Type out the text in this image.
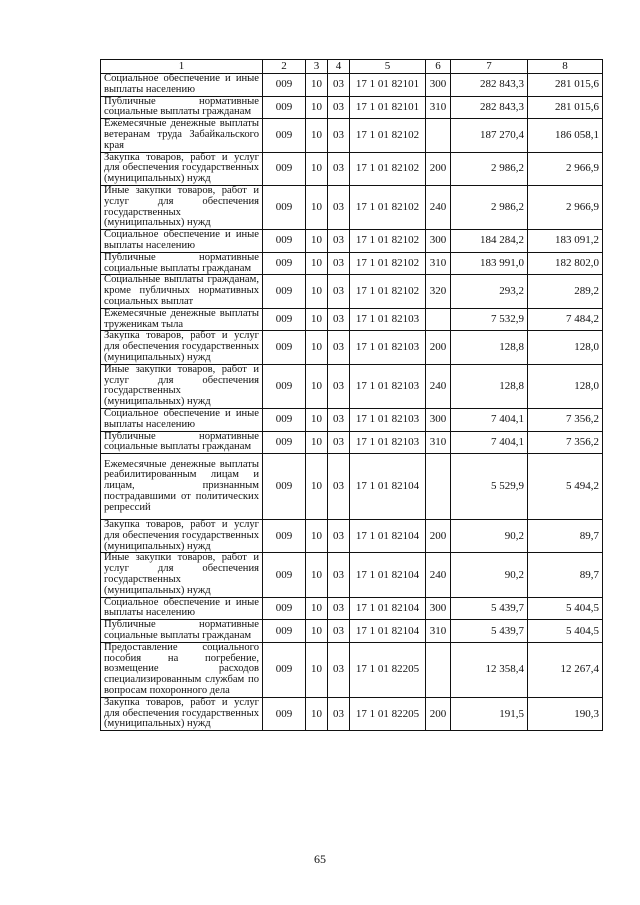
1	2	3	4	5	6	7	8
Социальное обеспечение и иные выплаты населению	009	10	03	17 1 01 82101	300	282 843,3	281 015,6
Публичные нормативные социальные выплаты гражданам	009	10	03	17 1 01 82101	310	282 843,3	281 015,6
Ежемесячные денежные выплаты ветеранам труда Забайкальского края	009	10	03	17 1 01 82102		187 270,4	186 058,1
Закупка товаров, работ и услуг для обеспечения государственных (муниципальных) нужд	009	10	03	17 1 01 82102	200	2 986,2	2 966,9
Иные закупки товаров, работ и услуг для обеспечения государственных (муниципальных) нужд	009	10	03	17 1 01 82102	240	2 986,2	2 966,9
Социальное обеспечение и иные выплаты населению	009	10	03	17 1 01 82102	300	184 284,2	183 091,2
Публичные нормативные социальные выплаты гражданам	009	10	03	17 1 01 82102	310	183 991,0	182 802,0
Социальные выплаты гражданам, кроме публичных нормативных социальных выплат	009	10	03	17 1 01 82102	320	293,2	289,2
Ежемесячные денежные выплаты труженикам тыла	009	10	03	17 1 01 82103		7 532,9	7 484,2
Закупка товаров, работ и услуг для обеспечения государственных (муниципальных) нужд	009	10	03	17 1 01 82103	200	128,8	128,0
Иные закупки товаров, работ и услуг для обеспечения государственных (муниципальных) нужд	009	10	03	17 1 01 82103	240	128,8	128,0
Социальное обеспечение и иные выплаты населению	009	10	03	17 1 01 82103	300	7 404,1	7 356,2
Публичные нормативные социальные выплаты гражданам	009	10	03	17 1 01 82103	310	7 404,1	7 356,2
Ежемесячные денежные выплаты реабилитированным лицам и лицам, признанным пострадавшими от политических репрессий	009	10	03	17 1 01 82104		5 529,9	5 494,2
Закупка товаров, работ и услуг для обеспечения государственных (муниципальных) нужд	009	10	03	17 1 01 82104	200	90,2	89,7
Иные закупки товаров, работ и услуг для обеспечения государственных (муниципальных) нужд	009	10	03	17 1 01 82104	240	90,2	89,7
Социальное обеспечение и иные выплаты населению	009	10	03	17 1 01 82104	300	5 439,7	5 404,5
Публичные нормативные социальные выплаты гражданам	009	10	03	17 1 01 82104	310	5 439,7	5 404,5
Предоставление социального пособия на погребение, возмещение расходов специализированным службам по вопросам похоронного дела	009	10	03	17 1 01 82205		12 358,4	12 267,4
Закупка товаров, работ и услуг для обеспечения государственных (муниципальных) нужд	009	10	03	17 1 01 82205	200	191,5	190,3
65
